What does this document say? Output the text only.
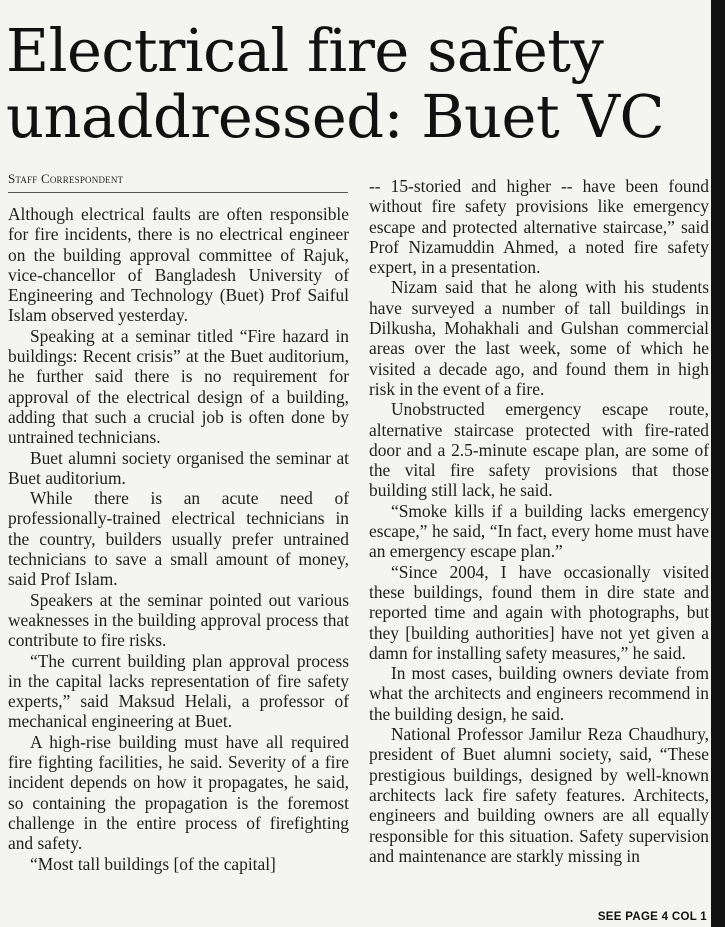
Electrical fire safety
unaddressed: Buet VC

Staff Correspondent

Although electrical faults are often responsible for fire incidents, there is no electrical engineer on the building approval committee of Rajuk, vice-chancellor of Bangladesh University of Engineering and Technology (Buet) Prof Saiful Islam observed yesterday.

Speaking at a seminar titled “Fire hazard in buildings: Recent crisis” at the Buet auditorium, he further said there is no requirement for approval of the electrical design of a building, adding that such a crucial job is often done by untrained technicians.

Buet alumni society organised the seminar at Buet auditorium.

While there is an acute need of professionally-trained electrical technicians in the country, builders usually prefer untrained technicians to save a small amount of money, said Prof Islam.

Speakers at the seminar pointed out various weaknesses in the building approval process that contribute to fire risks.

“The current building plan approval process in the capital lacks representation of fire safety experts,” said Maksud Helali, a professor of mechanical engineering at Buet.

A high-rise building must have all required fire fighting facilities, he said. Severity of a fire incident depends on how it propagates, he said, so containing the propagation is the foremost challenge in the entire process of firefighting and safety.

“Most tall buildings [of the capital]

-- 15-storied and higher -- have been found without fire safety provisions like emergency escape and protected alternative staircase,” said Prof Nizamuddin Ahmed, a noted fire safety expert, in a presentation.

Nizam said that he along with his students have surveyed a number of tall buildings in Dilkusha, Mohakhali and Gulshan commercial areas over the last week, some of which he visited a decade ago, and found them in high risk in the event of a fire.

Unobstructed emergency escape route, alternative staircase protected with fire-rated door and a 2.5-minute escape plan, are some of the vital fire safety provisions that those building still lack, he said.

“Smoke kills if a building lacks emergency escape,” he said, “In fact, every home must have an emergency escape plan.”

“Since 2004, I have occasionally visited these buildings, found them in dire state and reported time and again with photographs, but they [building authorities] have not yet given a damn for installing safety measures,” he said.

In most cases, building owners deviate from what the architects and engineers recommend in the building design, he said.

National Professor Jamilur Reza Chaudhury, president of Buet alumni society, said, “These prestigious buildings, designed by well-known architects lack fire safety features. Architects, engineers and building owners are all equally responsible for this situation. Safety supervision and maintenance are starkly missing in

SEE PAGE 4 COL 1
